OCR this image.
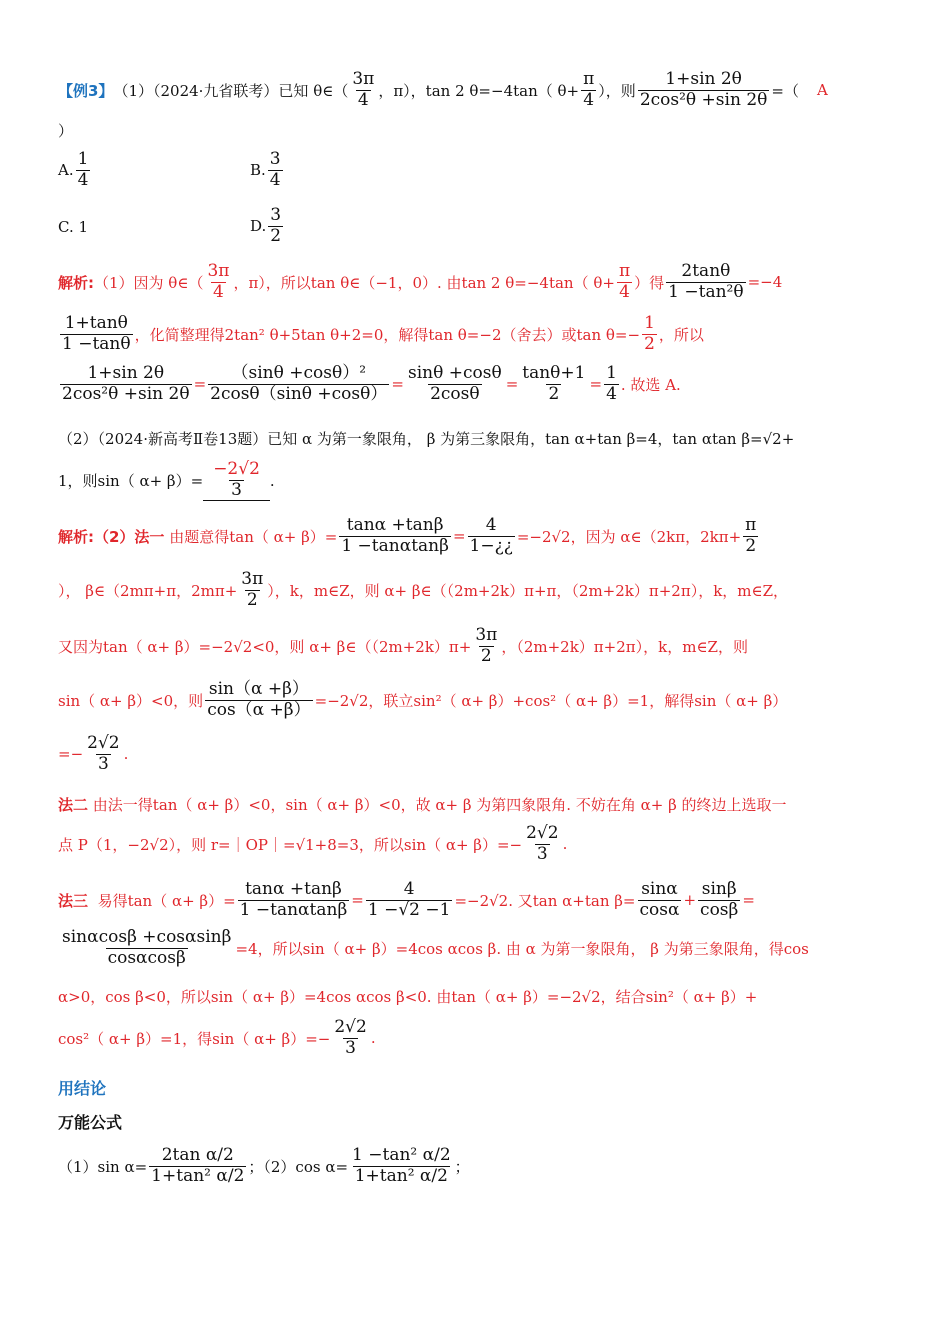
【例3】 （1）（2024·九省联考）已知 θ∈（ $\frac{3\pi}{4}$ ，π），tan 2 θ=−4tan（ $\theta+ \frac{\pi}{4}$ ），则 $\frac{1+\sin 2\theta}{\text{2cos²θ +sin 2θ}}$ =（ A
）
A. $\frac{1}{4}$	B. $\frac{3}{4}$
C. 1	D. $\frac{3}{2}$
解析: （1）因为 θ∈（ $\frac{3\pi}{4}$ ，π），所以tan θ∈（−1，0）. 由tan 2 θ=−4tan（ $\theta+ \frac{\pi}{4}$ ）得 $\frac{2\tan\theta}{\text{1 −tan²θ}} =-4$
$\frac{1+\tan\theta}{1 -\tan\theta}$ ，化简整理得2tan² θ+5tan θ+2=0，解得tan θ=−2（舍去）或$\tan \theta=- \frac{1}{2}$ ，所以
$\frac{1+\sin 2\theta}{\text{2cos²θ +sin 2θ}} = \frac{\text{（sinθ +cosθ）²}}{2\cos\theta(\sin\theta +\cos\theta)} = \frac{\sin\theta +\cos\theta}{2\cos\theta} = \frac{\tan\theta+1}{2} = \frac{1}{4}$ . 故选 A.
（2）（2024·新高考Ⅱ卷13题）已知 α 为第一象限角， β 为第三象限角，tan α+tan β=4，tan αtan β=√2+
1，则sin（ $\alpha+ \beta)= \frac{-2√2}{3}$ .
解析:（2）法一
由题意得tan（ $\alpha+ \beta)= \frac{\tan\alpha +\tan\beta}{1 -\tan\alpha\tan\beta} = \frac{4}{1-¿¿} =-2√2$，因为 α∈（2kπ，$2k\pi+ \frac{\pi}{2}$
）， β∈（2mπ+π，$2m\pi+ \frac{3\pi}{2}$ ），k，m∈Z，则 α+ β∈（（2m+2k）π+π，（2m+2k）π+2π），k，m∈Z，
又因为tan（ α+ β）=−2√2<0，则 α+ β∈（（2m+2k）π+ $\frac{3\pi}{2}$ ，（2m+2k）π+2π），k，m∈Z，则
sin（ α+ β）<0，则 $\frac{\sin(\alpha +\beta)}{\cos(\alpha +\beta)} =-2√2$，联立sin²（ α+ β）+cos²（ α+ β）=1，解得sin（ α+ β）
=− $\frac{2√2}{3}$ .
法二
由法一得tan（ α+ β）<0，sin（ α+ β）<0，故 α+ β 为第四象限角. 不妨在角 α+ β 的终边上选取一
点 P（1，−2√2），则 r=｜OP｜=√1+8=3，所以sin（ $\alpha+ \beta)=- \frac{2√2}{3}$ .
法三
易得tan（ $\alpha+ \beta)= \frac{\tan\alpha +\tan\beta}{1 -\tan\alpha\tan\beta} = \frac{4}{1 -√2 -1} =-2√2$. 又tan α+tan $\beta= \frac{\sin\alpha}{\cos\alpha} + \frac{\sin\beta}{\cos\beta}$ =
$\frac{\sin\alpha\cos\beta +\cos\alpha\sin\beta}{\cos\alpha\cos\beta} =4$，所以sin（ α+ β）=4cos αcos β. 由 α 为第一象限角， β 为第三象限角，得cos
α>0，cos β<0，所以sin（ α+ β）=4cos αcos β<0. 由tan（ α+ β）=−2√2，结合sin²（ α+ β）+
cos²（ α+ β）=1，得sin（ $\alpha+ \beta)=- \frac{2√2}{3}$ .
用结论
万能公式
（1）sin $\alpha= \frac{\text{2tan α/2}}{\text{1+tan² α/2}}$ ；（2）cos $\alpha= \frac{\text{1 −tan² α/2}}{\text{1+tan² α/2}}$ ；
